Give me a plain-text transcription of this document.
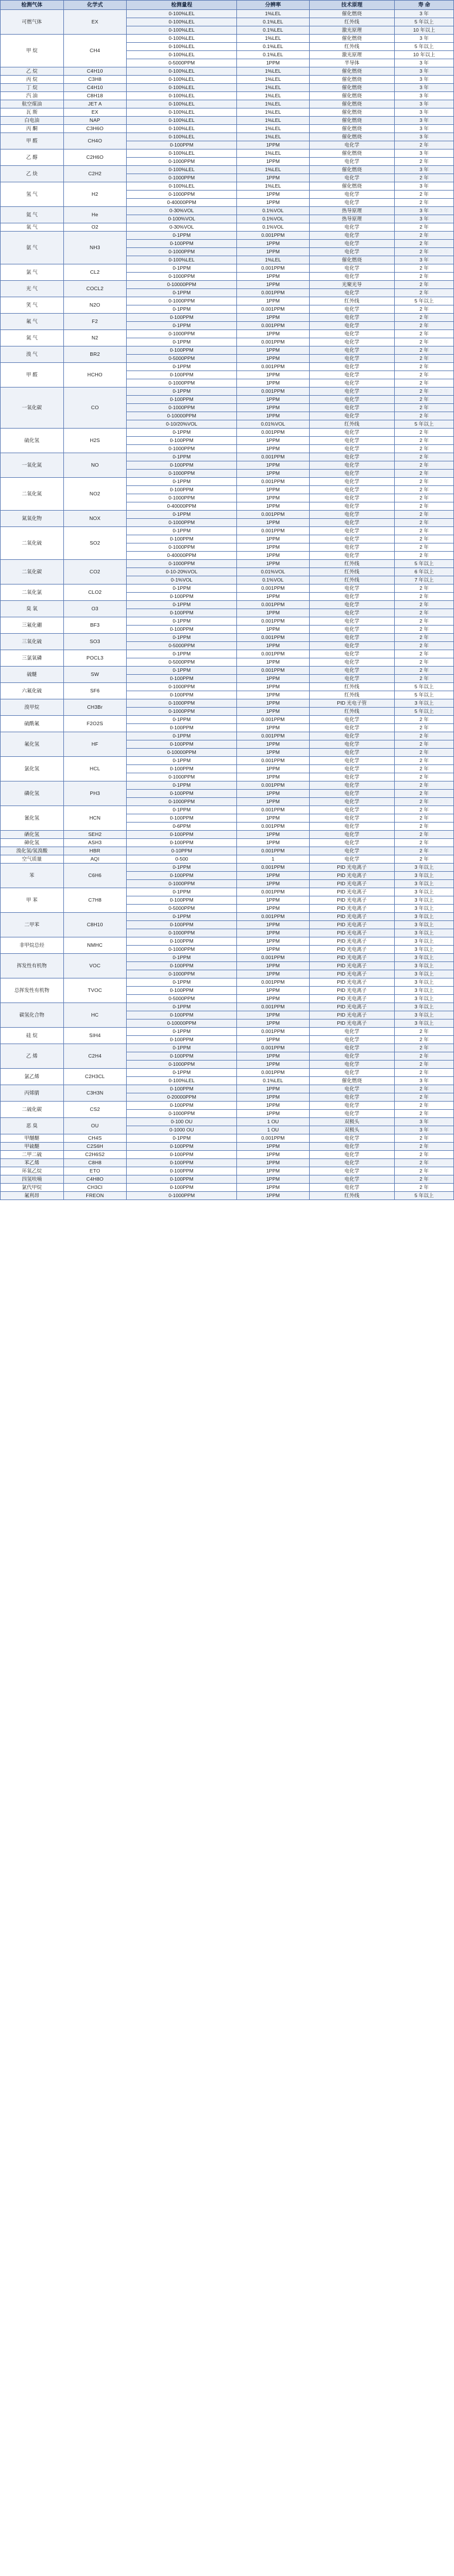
检测气体	化学式	检测量程	分辨率	技术原理	寿 命
可燃气体	EX	0-100%LEL	1%LEL	催化燃烧	3 年
		0-100%LEL	0.1%LEL	红外线	5 年以上
		0-100%LEL	0.1%LEL	激光原理	10 年以上
甲 烷	CH4	0-100%LEL	1%LEL	催化燃烧	3 年
		0-100%LEL	0.1%LEL	红外线	5 年以上
		0-100%LEL	0.1%LEL	激光原理	10 年以上
		0-5000PPM	1PPM	半导体	3 年
乙 烷	C4H10	0-100%LEL	1%LEL	催化燃烧	3 年
丙 烷	C3H8	0-100%LEL	1%LEL	催化燃烧	3 年
丁 烷	C4H10	0-100%LEL	1%LEL	催化燃烧	3 年
汽 油	C8H18	0-100%LEL	1%LEL	催化燃烧	3 年
航空煤油	JET A	0-100%LEL	1%LEL	催化燃烧	3 年
瓦 斯	EX	0-100%LEL	1%LEL	催化燃烧	3 年
白电油	NAP	0-100%LEL	1%LEL	催化燃烧	3 年
丙 酮	C3H6O	0-100%LEL	1%LEL	催化燃烧	3 年
甲 醛	CH4O	0-100%LEL	1%LEL	催化燃烧	3 年
		0-100PPM	1PPM	电化学	2 年
乙 醇	C2H6O	0-100%LEL	1%LEL	催化燃烧	3 年
		0-1000PPM	1PPM	电化学	2 年
乙 炔	C2H2	0-100%LEL	1%LEL	催化燃烧	3 年
		0-1000PPM	1PPM	电化学	2 年
氢 气	H2	0-100%LEL	1%LEL	催化燃烧	3 年
		0-1000PPM	1PPM	电化学	2 年
		0-40000PPM	1PPM	电化学	2 年
氦 气	He	0-30%VOL	0.1%VOL	热导原理	3 年
		0-100%VOL	0.1%VOL	热导原理	3 年
氧 气	O2	0-30%VOL	0.1%VOL	电化学	2 年
氨 气	NH3	0-1PPM	0.001PPM	电化学	2 年
		0-100PPM	1PPM	电化学	2 年
		0-1000PPM	1PPM	电化学	2 年
		0-100%LEL	1%LEL	催化燃烧	3 年
氯 气	CL2	0-1PPM	0.001PPM	电化学	2 年
		0-1000PPM	1PPM	电化学	2 年
光 气	COCL2	0-10000PPM	1PPM	光聚光导	2 年
		0-1PPM	0.001PPM	电化学	2 年
笑 气	N2O	0-1000PPM	1PPM	红外线	5 年以上
		0-1PPM	0.001PPM	电化学	2 年
氟 气	F2	0-100PPM	1PPM	电化学	2 年
		0-1PPM	0.001PPM	电化学	2 年
氮 气	N2	0-1000PPM	1PPM	电化学	2 年
		0-1PPM	0.001PPM	电化学	2 年
溴 气	BR2	0-100PPM	1PPM	电化学	2 年
		0-5000PPM	1PPM	电化学	2 年
甲 醛	HCHO	0-1PPM	0.001PPM	电化学	2 年
		0-100PPM	1PPM	电化学	2 年
		0-1000PPM	1PPM	电化学	2 年
一氧化碳	CO	0-1PPM	0.001PPM	电化学	2 年
		0-100PPM	1PPM	电化学	2 年
		0-1000PPM	1PPM	电化学	2 年
		0-10000PPM	1PPM	电化学	2 年
		0-10/20%VOL	0.01%VOL	红外线	5 年以上
硫化氢	H2S	0-1PPM	0.001PPM	电化学	2 年
		0-100PPM	1PPM	电化学	2 年
		0-1000PPM	1PPM	电化学	2 年
一氧化氮	NO	0-1PPM	0.001PPM	电化学	2 年
		0-100PPM	1PPM	电化学	2 年
		0-1000PPM	1PPM	电化学	2 年
二氧化氮	NO2	0-1PPM	0.001PPM	电化学	2 年
		0-100PPM	1PPM	电化学	2 年
		0-1000PPM	1PPM	电化学	2 年
		0-40000PPM	1PPM	电化学	2 年
氮氧化物	NOX	0-1PPM	0.001PPM	电化学	2 年
		0-1000PPM	1PPM	电化学	2 年
二氧化硫	SO2	0-1PPM	0.001PPM	电化学	2 年
		0-100PPM	1PPM	电化学	2 年
		0-1000PPM	1PPM	电化学	2 年
		0-40000PPM	1PPM	电化学	2 年
二氧化碳	CO2	0-1000PPM	1PPM	红外线	5 年以上
		0-10-20%VOL	0.01%VOL	红外线	6 年以上
		0-1%VOL	0.1%VOL	红外线	7 年以上
二氧化氯	CLO2	0-1PPM	0.001PPM	电化学	2 年
		0-100PPM	1PPM	电化学	2 年
臭 氧	O3	0-1PPM	0.001PPM	电化学	2 年
		0-100PPM	1PPM	电化学	2 年
三氟化硼	BF3	0-1PPM	0.001PPM	电化学	2 年
		0-100PPM	1PPM	电化学	2 年
三氧化硫	SO3	0-1PPM	0.001PPM	电化学	2 年
		0-5000PPM	1PPM	电化学	2 年
三氯氧磷	POCL3	0-1PPM	0.001PPM	电化学	2 年
		0-5000PPM	1PPM	电化学	2 年
硫醚	SW	0-1PPM	0.001PPM	电化学	2 年
		0-100PPM	1PPM	电化学	2 年
六氟化硫	SF6	0-1000PPM	1PPM	红外线	5 年以上
		0-100PPM	1PPM	红外线	5 年以上
溴甲烷	CH3Br	0-1000PPM	1PPM	PID 光电子管	3 年以上
		0-1000PPM	1PPM	红外线	5 年以上
硫酰氟	F2O2S	0-1PPM	0.001PPM	电化学	2 年
		0-100PPM	1PPM	电化学	2 年
氟化氢	HF	0-1PPM	0.001PPM	电化学	2 年
		0-100PPM	1PPM	电化学	2 年
		0-10000PPM	1PPM	电化学	2 年
氯化氢	HCL	0-1PPM	0.001PPM	电化学	2 年
		0-100PPM	1PPM	电化学	2 年
		0-1000PPM	1PPM	电化学	2 年
磷化氢	PH3	0-1PPM	0.001PPM	电化学	2 年
		0-100PPM	1PPM	电化学	2 年
		0-1000PPM	1PPM	电化学	2 年
氰化氢	HCN	0-1PPM	0.001PPM	电化学	2 年
		0-100PPM	1PPM	电化学	2 年
		0-6PPM	0.001PPM	电化学	2 年
硒化氢	SEH2	0-100PPM	1PPM	电化学	2 年
砷化氢	ASH3	0-100PPM	1PPM	电化学	2 年
溴化氢/氢溴酸	HBR	0-10PPM	0.001PPM	电化学	2 年
空气质量	AQI	0-500	1	电化学	2 年
苯	C6H6	0-1PPM	0.001PPM	PID 光电离子	3 年以上
		0-100PPM	1PPM	PID 光电离子	3 年以上
		0-1000PPM	1PPM	PID 光电离子	3 年以上
甲 苯	C7H8	0-1PPM	0.001PPM	PID 光电离子	3 年以上
		0-100PPM	1PPM	PID 光电离子	3 年以上
		0-5000PPM	1PPM	PID 光电离子	3 年以上
二甲苯	C8H10	0-1PPM	0.001PPM	PID 光电离子	3 年以上
		0-100PPM	1PPM	PID 光电离子	3 年以上
		0-1000PPM	1PPM	PID 光电离子	3 年以上
非甲烷总烃	NMHC	0-100PPM	1PPM	PID 光电离子	3 年以上
		0-1000PPM	1PPM	PID 光电离子	3 年以上
挥发性有机物	VOC	0-1PPM	0.001PPM	PID 光电离子	3 年以上
		0-100PPM	1PPM	PID 光电离子	3 年以上
		0-1000PPM	1PPM	PID 光电离子	3 年以上
总挥发性有机物	TVOC	0-1PPM	0.001PPM	PID 光电离子	3 年以上
		0-100PPM	1PPM	PID 光电离子	3 年以上
		0-5000PPM	1PPM	PID 光电离子	3 年以上
碳氢化合物	HC	0-1PPM	0.001PPM	PID 光电离子	3 年以上
		0-100PPM	1PPM	PID 光电离子	3 年以上
		0-10000PPM	1PPM	PID 光电离子	3 年以上
硅 烷	SIH4	0-1PPM	0.001PPM	电化学	2 年
		0-100PPM	1PPM	电化学	2 年
乙 烯	C2H4	0-1PPM	0.001PPM	电化学	2 年
		0-100PPM	1PPM	电化学	2 年
		0-1000PPM	1PPM	电化学	2 年
氯乙烯	C2H3CL	0-1PPM	0.001PPM	电化学	2 年
		0-100%LEL	0.1%LEL	催化燃烧	3 年
丙烯腈	C3H3N	0-100PPM	1PPM	电化学	2 年
		0-20000PPM	1PPM	电化学	2 年
二硫化碳	CS2	0-100PPM	1PPM	电化学	2 年
		0-1000PPM	1PPM	电化学	2 年
恶 臭	OU	0-100 OU	1 OU	双极头	3 年
		0-1000 OU	1 OU	双极头	3 年
甲醚醚	CH4S	0-1PPM	0.001PPM	电化学	2 年
甲硫醚	C2S6H	0-100PPM	1PPM	电化学	2 年
二甲二硫	C2H6S2	0-100PPM	1PPM	电化学	2 年
苯乙烯	C8H8	0-100PPM	1PPM	电化学	2 年
环氧乙烷	ETO	0-100PPM	1PPM	电化学	2 年
四氢呋喃	C4H8O	0-100PPM	1PPM	电化学	2 年
氯代甲烷	CH3Cl	0-100PPM	1PPM	电化学	2 年
氟利昂	FREON	0-1000PPM	1PPM	红外线	5 年以上
